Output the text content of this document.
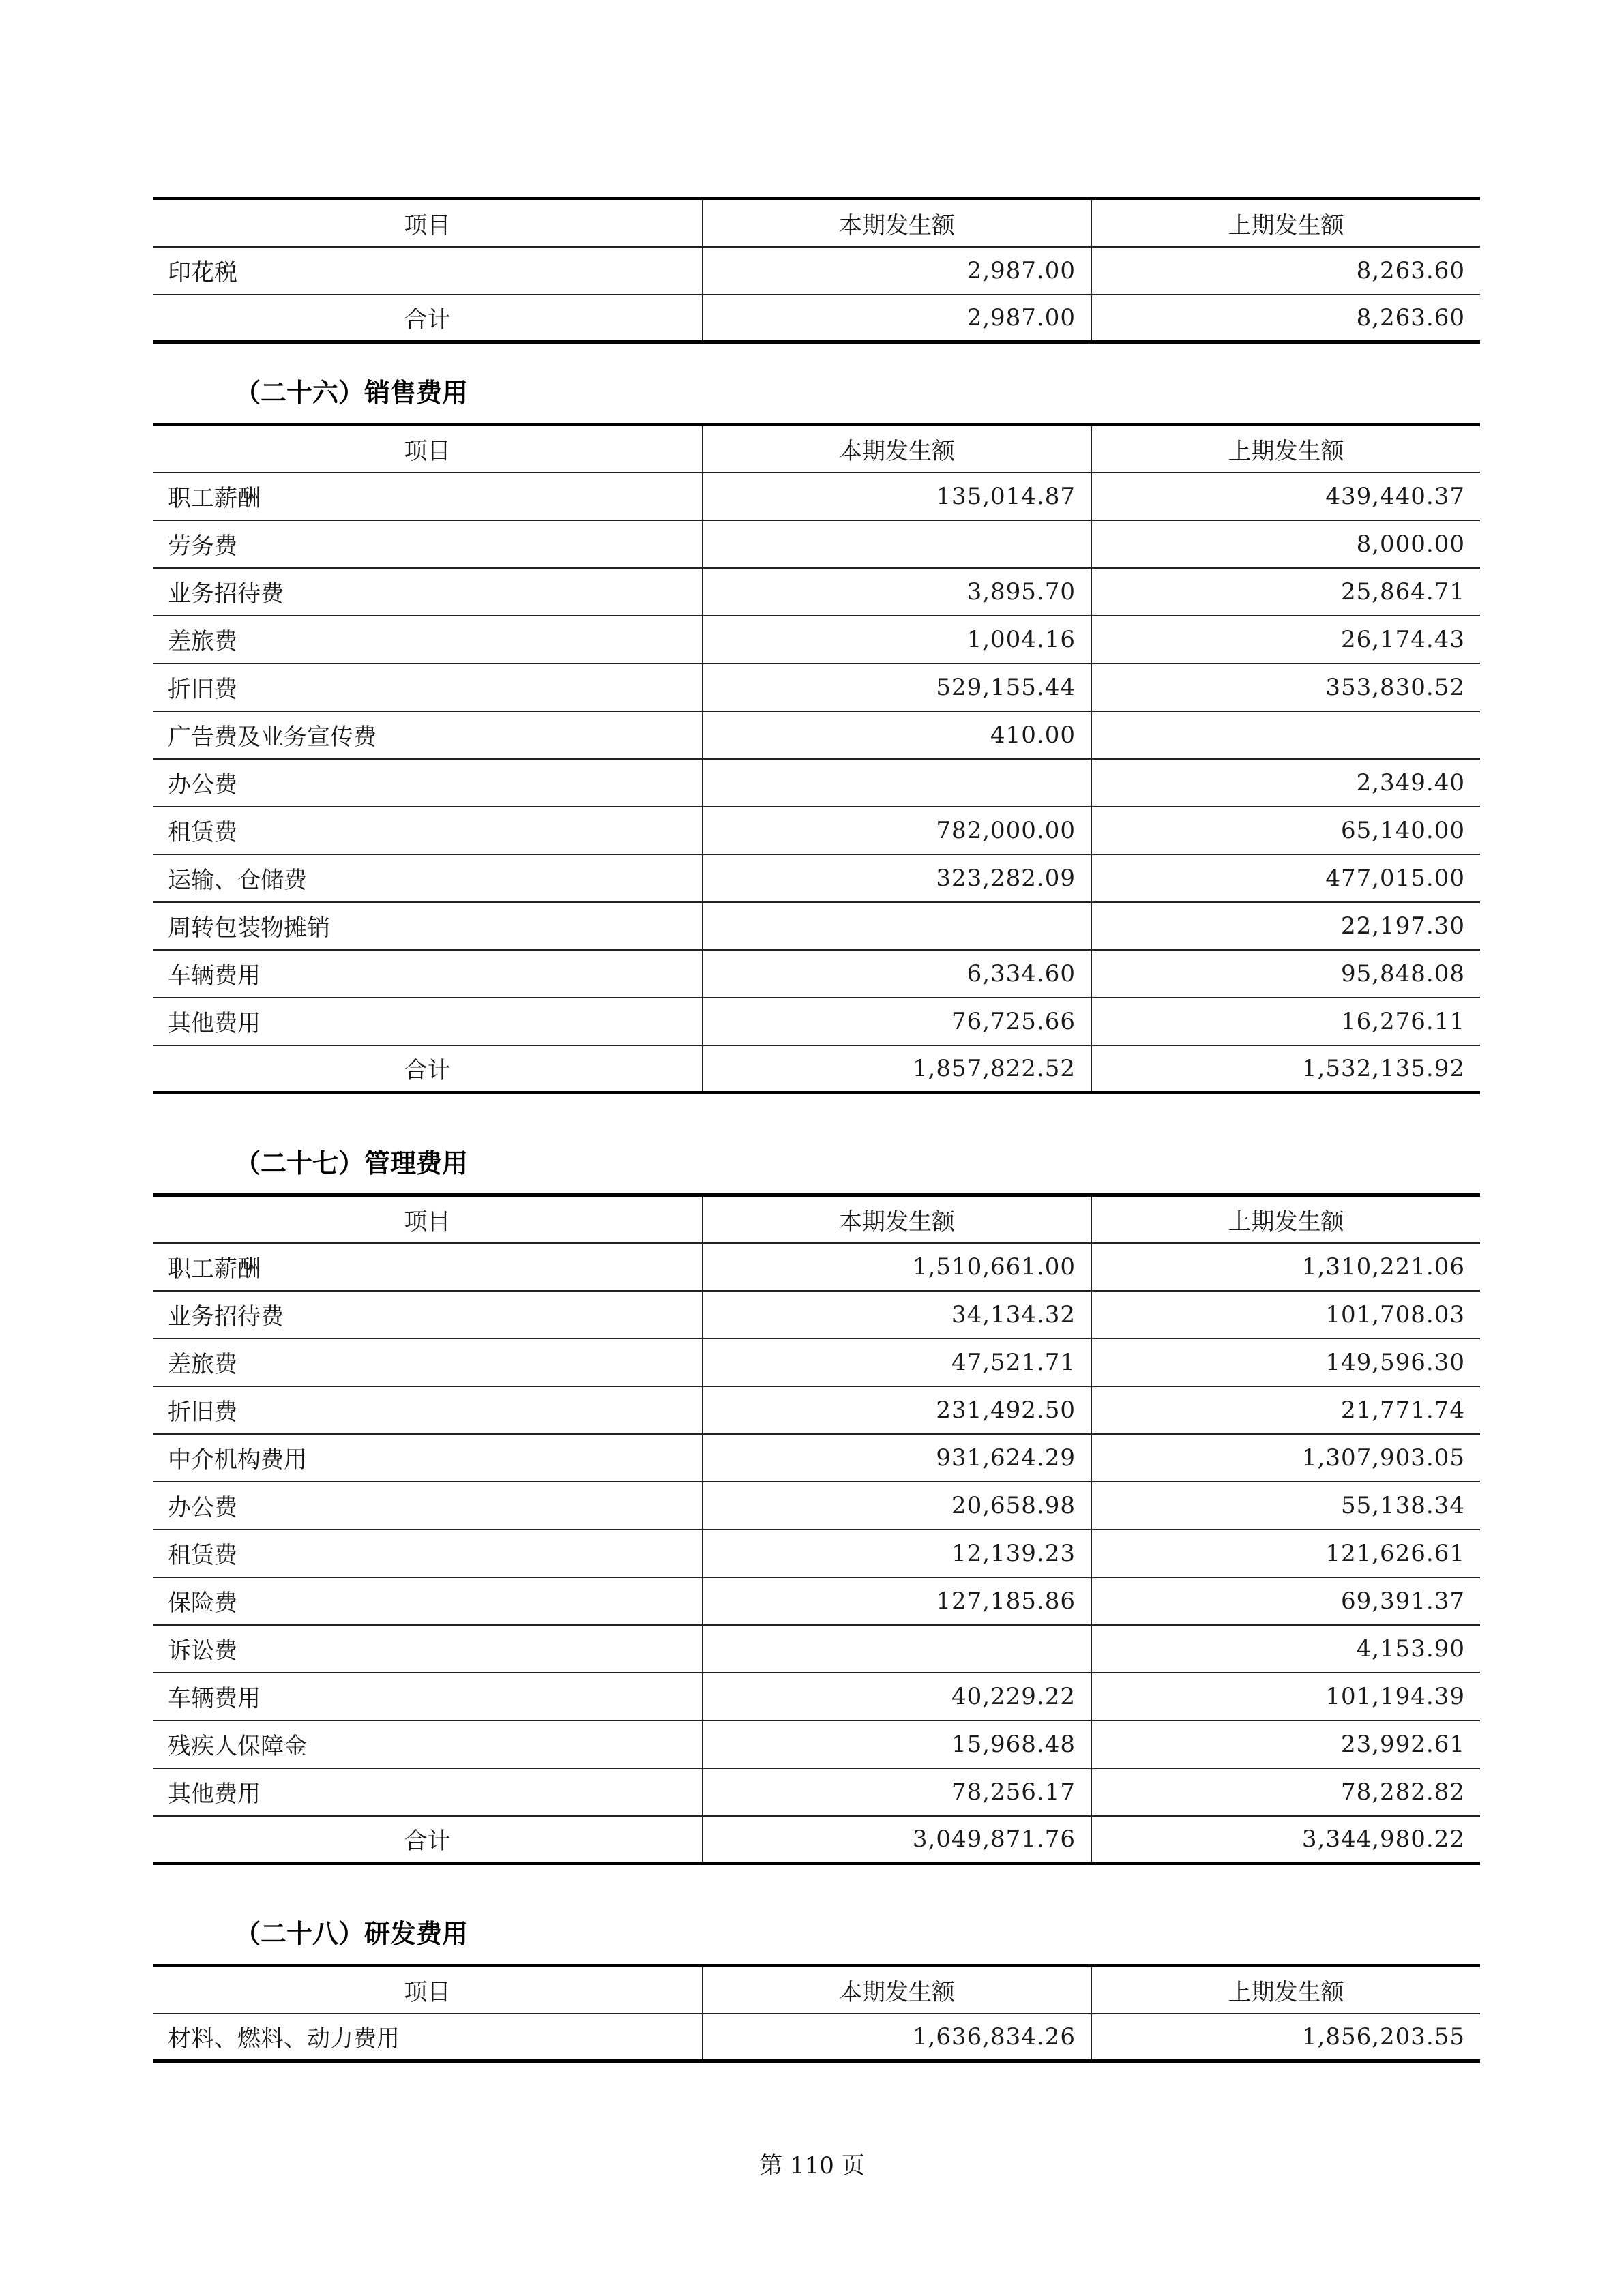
项目	本期发生额	上期发生额
印花税	2,987.00	8,263.60
合计	2,987.00	8,263.60
（二十六）销售费用
项目	本期发生额	上期发生额
职工薪酬	135,014.87	439,440.37
劳务费		8,000.00
业务招待费	3,895.70	25,864.71
差旅费	1,004.16	26,174.43
折旧费	529,155.44	353,830.52
广告费及业务宣传费	410.00	
办公费		2,349.40
租赁费	782,000.00	65,140.00
运输、仓储费	323,282.09	477,015.00
周转包装物摊销		22,197.30
车辆费用	6,334.60	95,848.08
其他费用	76,725.66	16,276.11
合计	1,857,822.52	1,532,135.92
（二十七）管理费用
项目	本期发生额	上期发生额
职工薪酬	1,510,661.00	1,310,221.06
业务招待费	34,134.32	101,708.03
差旅费	47,521.71	149,596.30
折旧费	231,492.50	21,771.74
中介机构费用	931,624.29	1,307,903.05
办公费	20,658.98	55,138.34
租赁费	12,139.23	121,626.61
保险费	127,185.86	69,391.37
诉讼费		4,153.90
车辆费用	40,229.22	101,194.39
残疾人保障金	15,968.48	23,992.61
其他费用	78,256.17	78,282.82
合计	3,049,871.76	3,344,980.22
（二十八）研发费用
项目	本期发生额	上期发生额
材料、燃料、动力费用	1,636,834.26	1,856,203.55
第 110 页
